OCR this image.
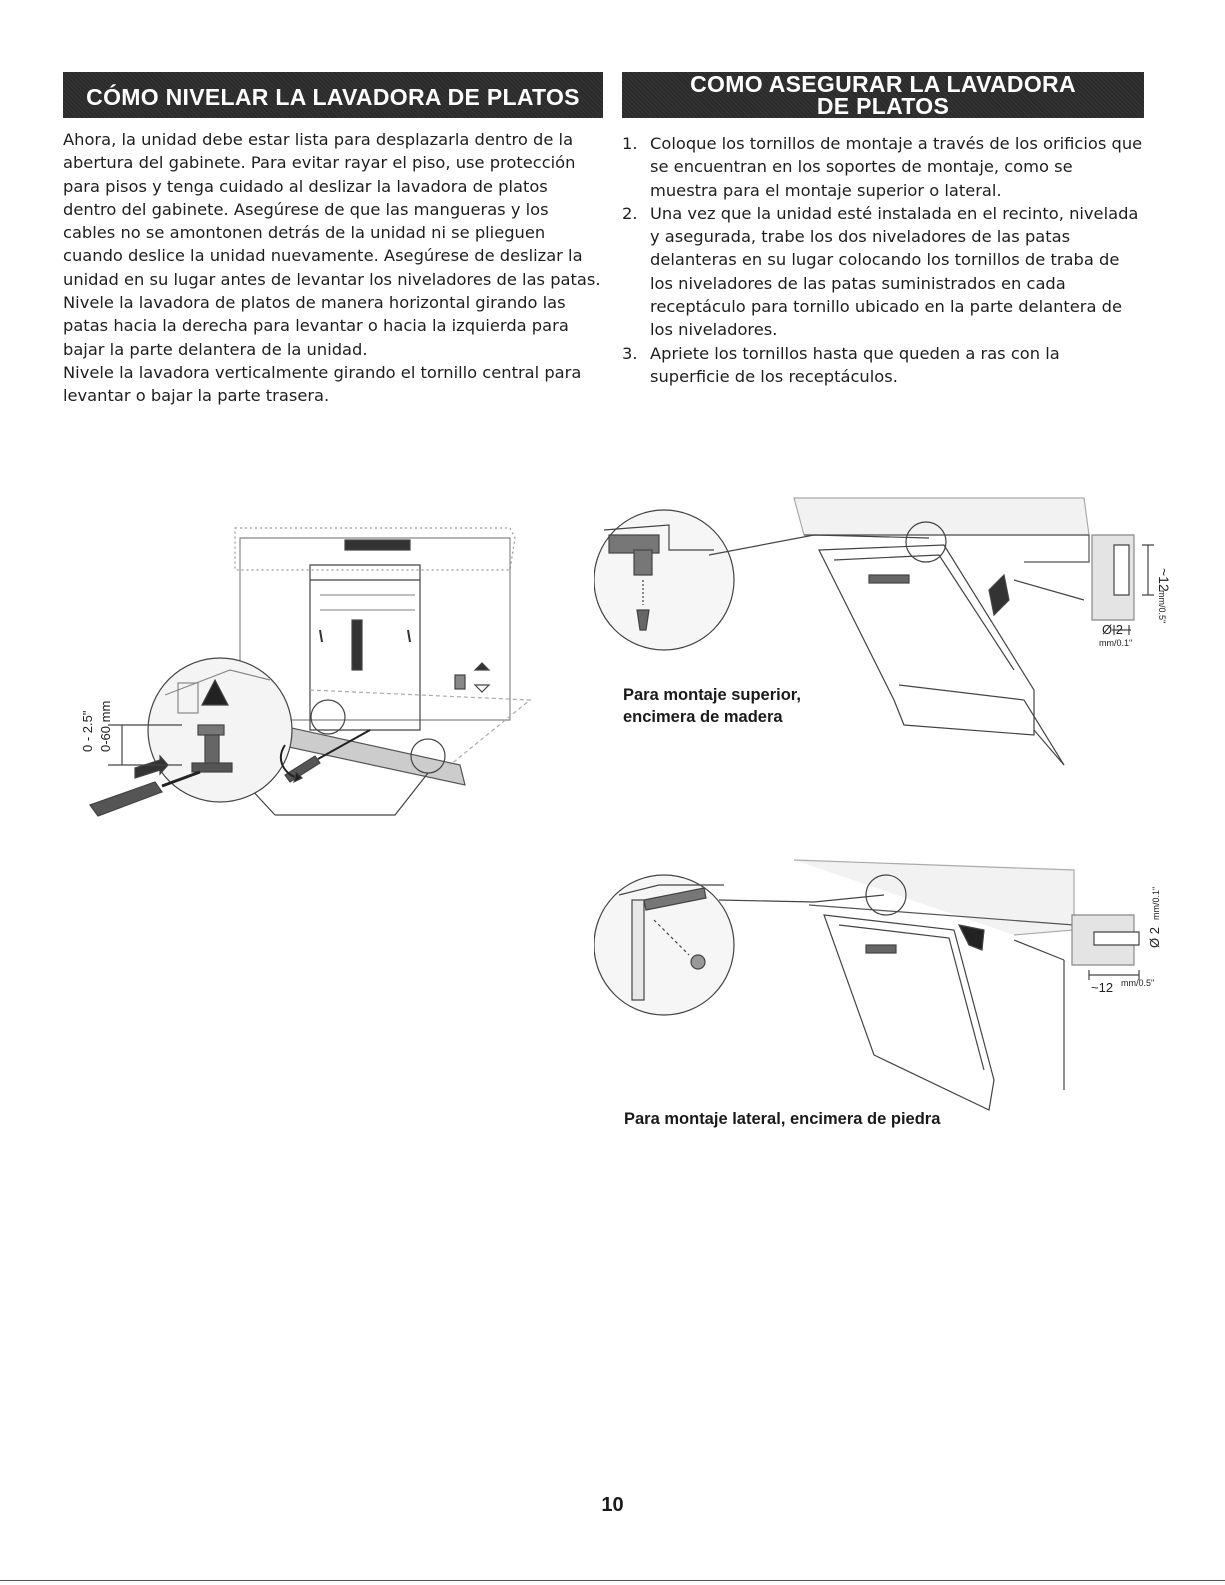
CÓMO NIVELAR LA LAVADORA DE PLATOS

Ahora, la unidad debe estar lista para desplazarla dentro de la abertura del gabinete. Para evitar rayar el piso, use protección para pisos y tenga cuidado al deslizar la lavadora de platos dentro del gabinete. Asegúrese de que las mangueras y los cables no se amontonen detrás de la unidad ni se plieguen cuando deslice la unidad nuevamente. Asegúrese de deslizar la unidad en su lugar antes de levantar los niveladores de las patas.

Nivele la lavadora de platos de manera horizontal girando las patas hacia la derecha para levantar o hacia la izquierda para bajar la parte delantera de la unidad.

Nivele la lavadora verticalmente girando el tornillo central para levantar o bajar la parte trasera.

COMO ASEGURAR LA LAVADORA
DE PLATOS
1. Coloque los tornillos de montaje a través de los orificios que se encuentran en los soportes de montaje, como se muestra para el montaje superior o lateral.
2. Una vez que la unidad esté instalada en el recinto, nivelada y asegurada, trabe los dos niveladores de las patas delanteras en su lugar colocando los tornillos de traba de los niveladores de las patas suministrados en cada receptáculo para tornillo ubicado en la parte delantera de los niveladores.
3. Apriete los tornillos hasta que queden a ras con la superficie de los receptáculos.
0 - 2.5" 0-60 mm
~12
mm/0.5"
Ø 2
mm/0.1"
Para montaje superior,
encimera de madera
Ø 2
mm/0.1"
~12 mm/0.5"
Para montaje lateral, encimera de piedra
10
